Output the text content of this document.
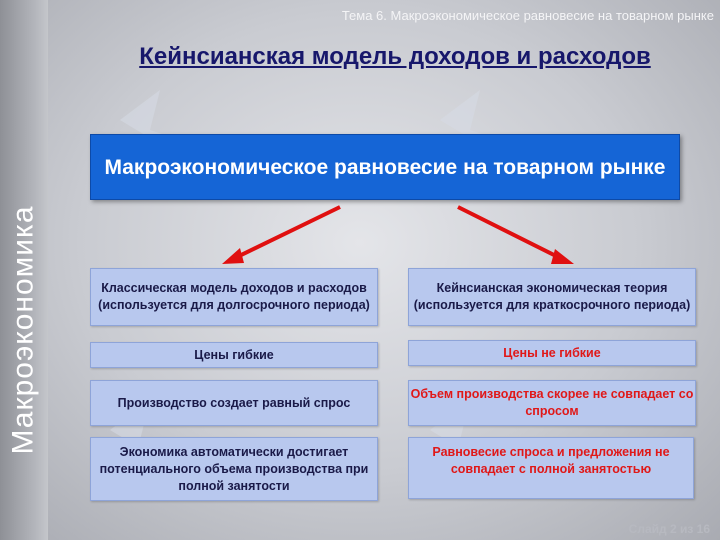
Макроэкономика
Тема 6. Макроэкономическое равновесие на товарном рынке
Кейнсианская модель доходов и расходов
Макроэкономическое равновесие на товарном рынке
Классическая модель доходов и расходов (используется для долгосрочного периода)
Цены гибкие
Производство создает равный спрос
Экономика автоматически достигает потенциального объема производства при полной занятости
Кейнсианская экономическая теория (используется для краткосрочного периода)
Цены не гибкие
Объем производства скорее не совпадает со спросом
Равновесие спроса и предложения не совпадает с полной занятостью
Слайд 2 из 16
